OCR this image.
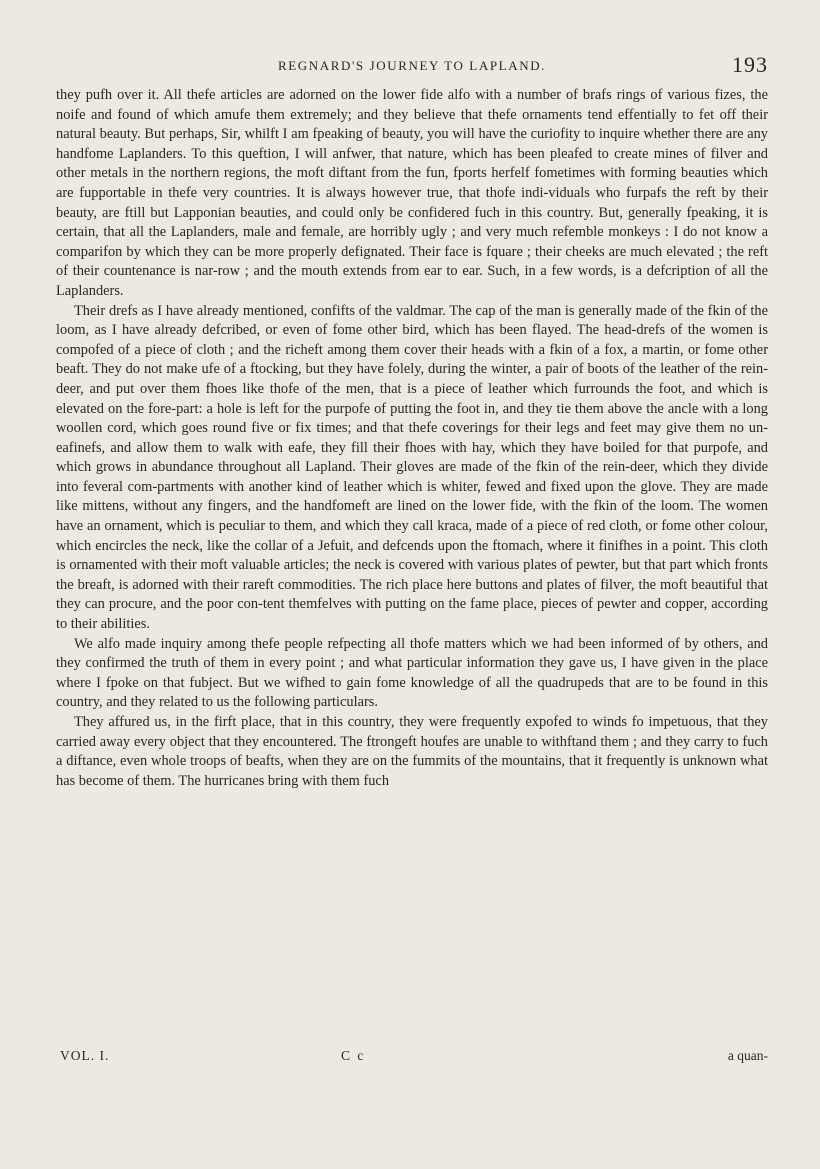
REGNARD'S JOURNEY TO LAPLAND.	193

they pufh over it. All thefe articles are adorned on the lower fide alfo with a number of brafs rings of various fizes, the noife and found of which amufe them extremely; and they believe that thefe ornaments tend effentially to fet off their natural beauty. But perhaps, Sir, whilft I am fpeaking of beauty, you will have the curiofity to inquire whether there are any handfome Laplanders. To this queftion, I will anfwer, that nature, which has been pleafed to create mines of filver and other metals in the northern regions, the moft diftant from the fun, fports herfelf fometimes with forming beauties which are fupportable in thefe very countries. It is always however true, that thofe indi-viduals who furpafs the reft by their beauty, are ftill but Lapponian beauties, and could only be confidered fuch in this country. But, generally fpeaking, it is certain, that all the Laplanders, male and female, are horribly ugly ; and very much refemble monkeys : I do not know a comparifon by which they can be more properly defignated. Their face is fquare ; their cheeks are much elevated ; the reft of their countenance is nar-row ; and the mouth extends from ear to ear. Such, in a few words, is a defcription of all the Laplanders.

Their drefs as I have already mentioned, confifts of the valdmar. The cap of the man is generally made of the fkin of the loom, as I have already defcribed, or even of fome other bird, which has been flayed. The head-drefs of the women is compofed of a piece of cloth ; and the richeft among them cover their heads with a fkin of a fox, a martin, or fome other beaft. They do not make ufe of a ftocking, but they have folely, during the winter, a pair of boots of the leather of the rein-deer, and put over them fhoes like thofe of the men, that is a piece of leather which furrounds the foot, and which is elevated on the fore-part: a hole is left for the purpofe of putting the foot in, and they tie them above the ancle with a long woollen cord, which goes round five or fix times; and that thefe coverings for their legs and feet may give them no un-eafinefs, and allow them to walk with eafe, they fill their fhoes with hay, which they have boiled for that purpofe, and which grows in abundance throughout all Lapland. Their gloves are made of the fkin of the rein-deer, which they divide into feveral com-partments with another kind of leather which is whiter, fewed and fixed upon the glove. They are made like mittens, without any fingers, and the handfomeft are lined on the lower fide, with the fkin of the loom. The women have an ornament, which is peculiar to them, and which they call kraca, made of a piece of red cloth, or fome other colour, which encircles the neck, like the collar of a Jefuit, and defcends upon the ftomach, where it finifhes in a point. This cloth is ornamented with their moft valuable articles; the neck is covered with various plates of pewter, but that part which fronts the breaft, is adorned with their rareft commodities. The rich place here buttons and plates of filver, the moft beautiful that they can procure, and the poor con-tent themfelves with putting on the fame place, pieces of pewter and copper, according to their abilities.

We alfo made inquiry among thefe people refpecting all thofe matters which we had been informed of by others, and they confirmed the truth of them in every point ; and what particular information they gave us, I have given in the place where I fpoke on that fubject. But we wifhed to gain fome knowledge of all the quadrupeds that are to be found in this country, and they related to us the following particulars.

They affured us, in the firft place, that in this country, they were frequently expofed to winds fo impetuous, that they carried away every object that they encountered. The ftrongeft houfes are unable to withftand them ; and they carry to fuch a diftance, even whole troops of beafts, when they are on the fummits of the mountains, that it frequently is unknown what has become of them. The hurricanes bring with them fuch

VOL. I.	C c	a quan-
